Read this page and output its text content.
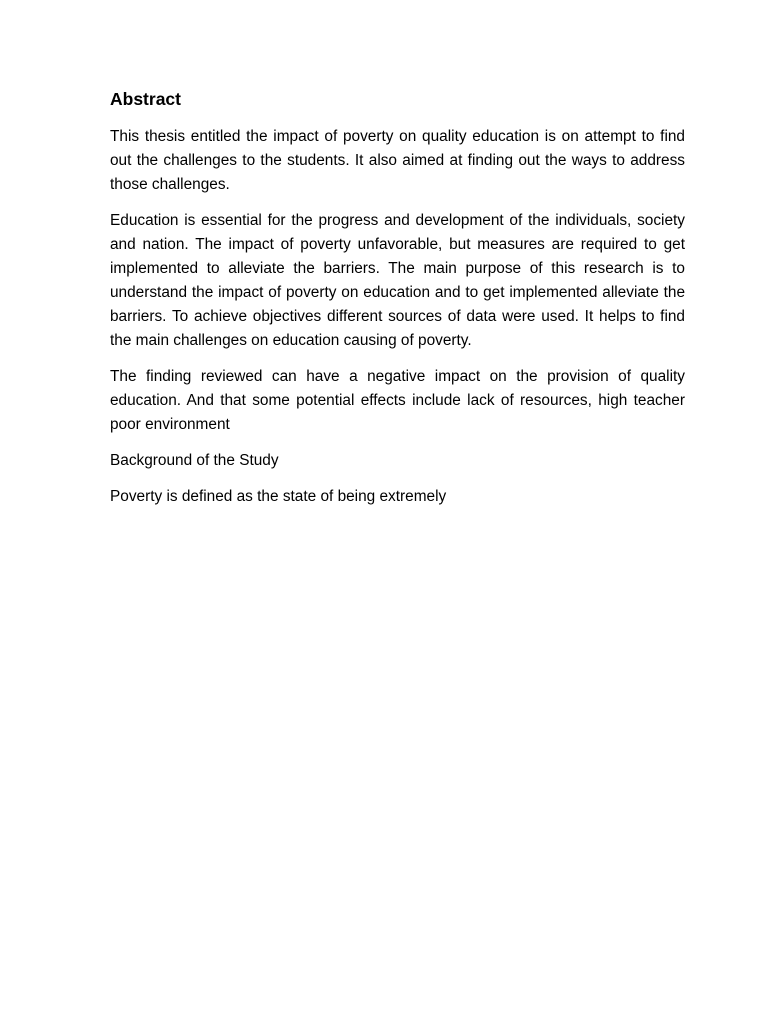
Abstract

This thesis entitled the impact of poverty on quality education is on attempt to find out the challenges to the students. It also aimed at finding out the ways to address those challenges.

Education is essential for the progress and development of the individuals, society and nation. The impact of poverty unfavorable, but measures are required to get implemented to alleviate the barriers. The main purpose of this research is to understand the impact of poverty on education and to get implemented alleviate the barriers. To achieve objectives different sources of data were used. It helps to find the main challenges on education causing of poverty.

The finding reviewed can have a negative impact on the provision of quality education. And that some potential effects include lack of resources, high teacher poor environment

Background of the Study

Poverty is defined as the state of being extremely
